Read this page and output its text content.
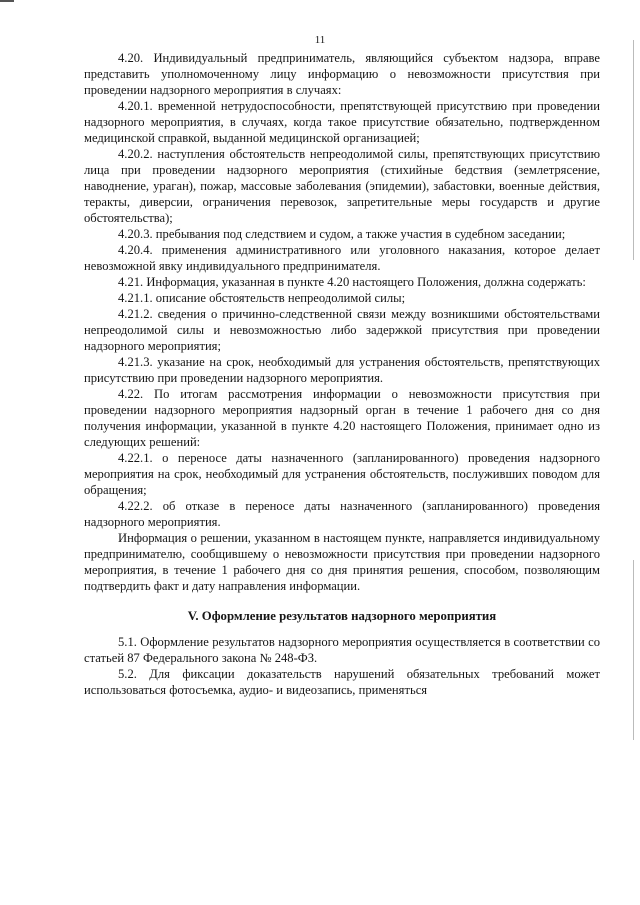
11

4.20. Индивидуальный предприниматель, являющийся субъектом надзора, вправе представить уполномоченному лицу информацию о невозможности присутствия при проведении надзорного мероприятия в случаях:

4.20.1. временной нетрудоспособности, препятствующей присутствию при проведении надзорного мероприятия, в случаях, когда такое присутствие обязательно, подтвержденном медицинской справкой, выданной медицинской организацией;

4.20.2. наступления обстоятельств непреодолимой силы, препятствующих присутствию лица при проведении надзорного мероприятия (стихийные бедствия (землетрясение, наводнение, ураган), пожар, массовые заболевания (эпидемии), забастовки, военные действия, теракты, диверсии, ограничения перевозок, запретительные меры государств и другие обстоятельства);

4.20.3. пребывания под следствием и судом, а также участия в судебном заседании;

4.20.4. применения административного или уголовного наказания, которое делает невозможной явку индивидуального предпринимателя.

4.21. Информация, указанная в пункте 4.20 настоящего Положения, должна содержать:

4.21.1. описание обстоятельств непреодолимой силы;

4.21.2. сведения о причинно-следственной связи между возникшими обстоятельствами непреодолимой силы и невозможностью либо задержкой присутствия при проведении надзорного мероприятия;

4.21.3. указание на срок, необходимый для устранения обстоятельств, препятствующих присутствию при проведении надзорного мероприятия.

4.22. По итогам рассмотрения информации о невозможности присутствия при проведении надзорного мероприятия надзорный орган в течение 1 рабочего дня со дня получения информации, указанной в пункте 4.20 настоящего Положения, принимает одно из следующих решений:

4.22.1. о переносе даты назначенного (запланированного) проведения надзорного мероприятия на срок, необходимый для устранения обстоятельств, послуживших поводом для обращения;

4.22.2. об отказе в переносе даты назначенного (запланированного) проведения надзорного мероприятия.

Информация о решении, указанном в настоящем пункте, направляется индивидуальному предпринимателю, сообщившему о невозможности присутствия при проведении надзорного мероприятия, в течение 1 рабочего дня со дня принятия решения, способом, позволяющим подтвердить факт и дату направления информации.

V. Оформление результатов надзорного мероприятия

5.1. Оформление результатов надзорного мероприятия осуществляется в соответствии со статьей 87 Федерального закона № 248-ФЗ.

5.2. Для фиксации доказательств нарушений обязательных требований может использоваться фотосъемка, аудио- и видеозапись, применяться
